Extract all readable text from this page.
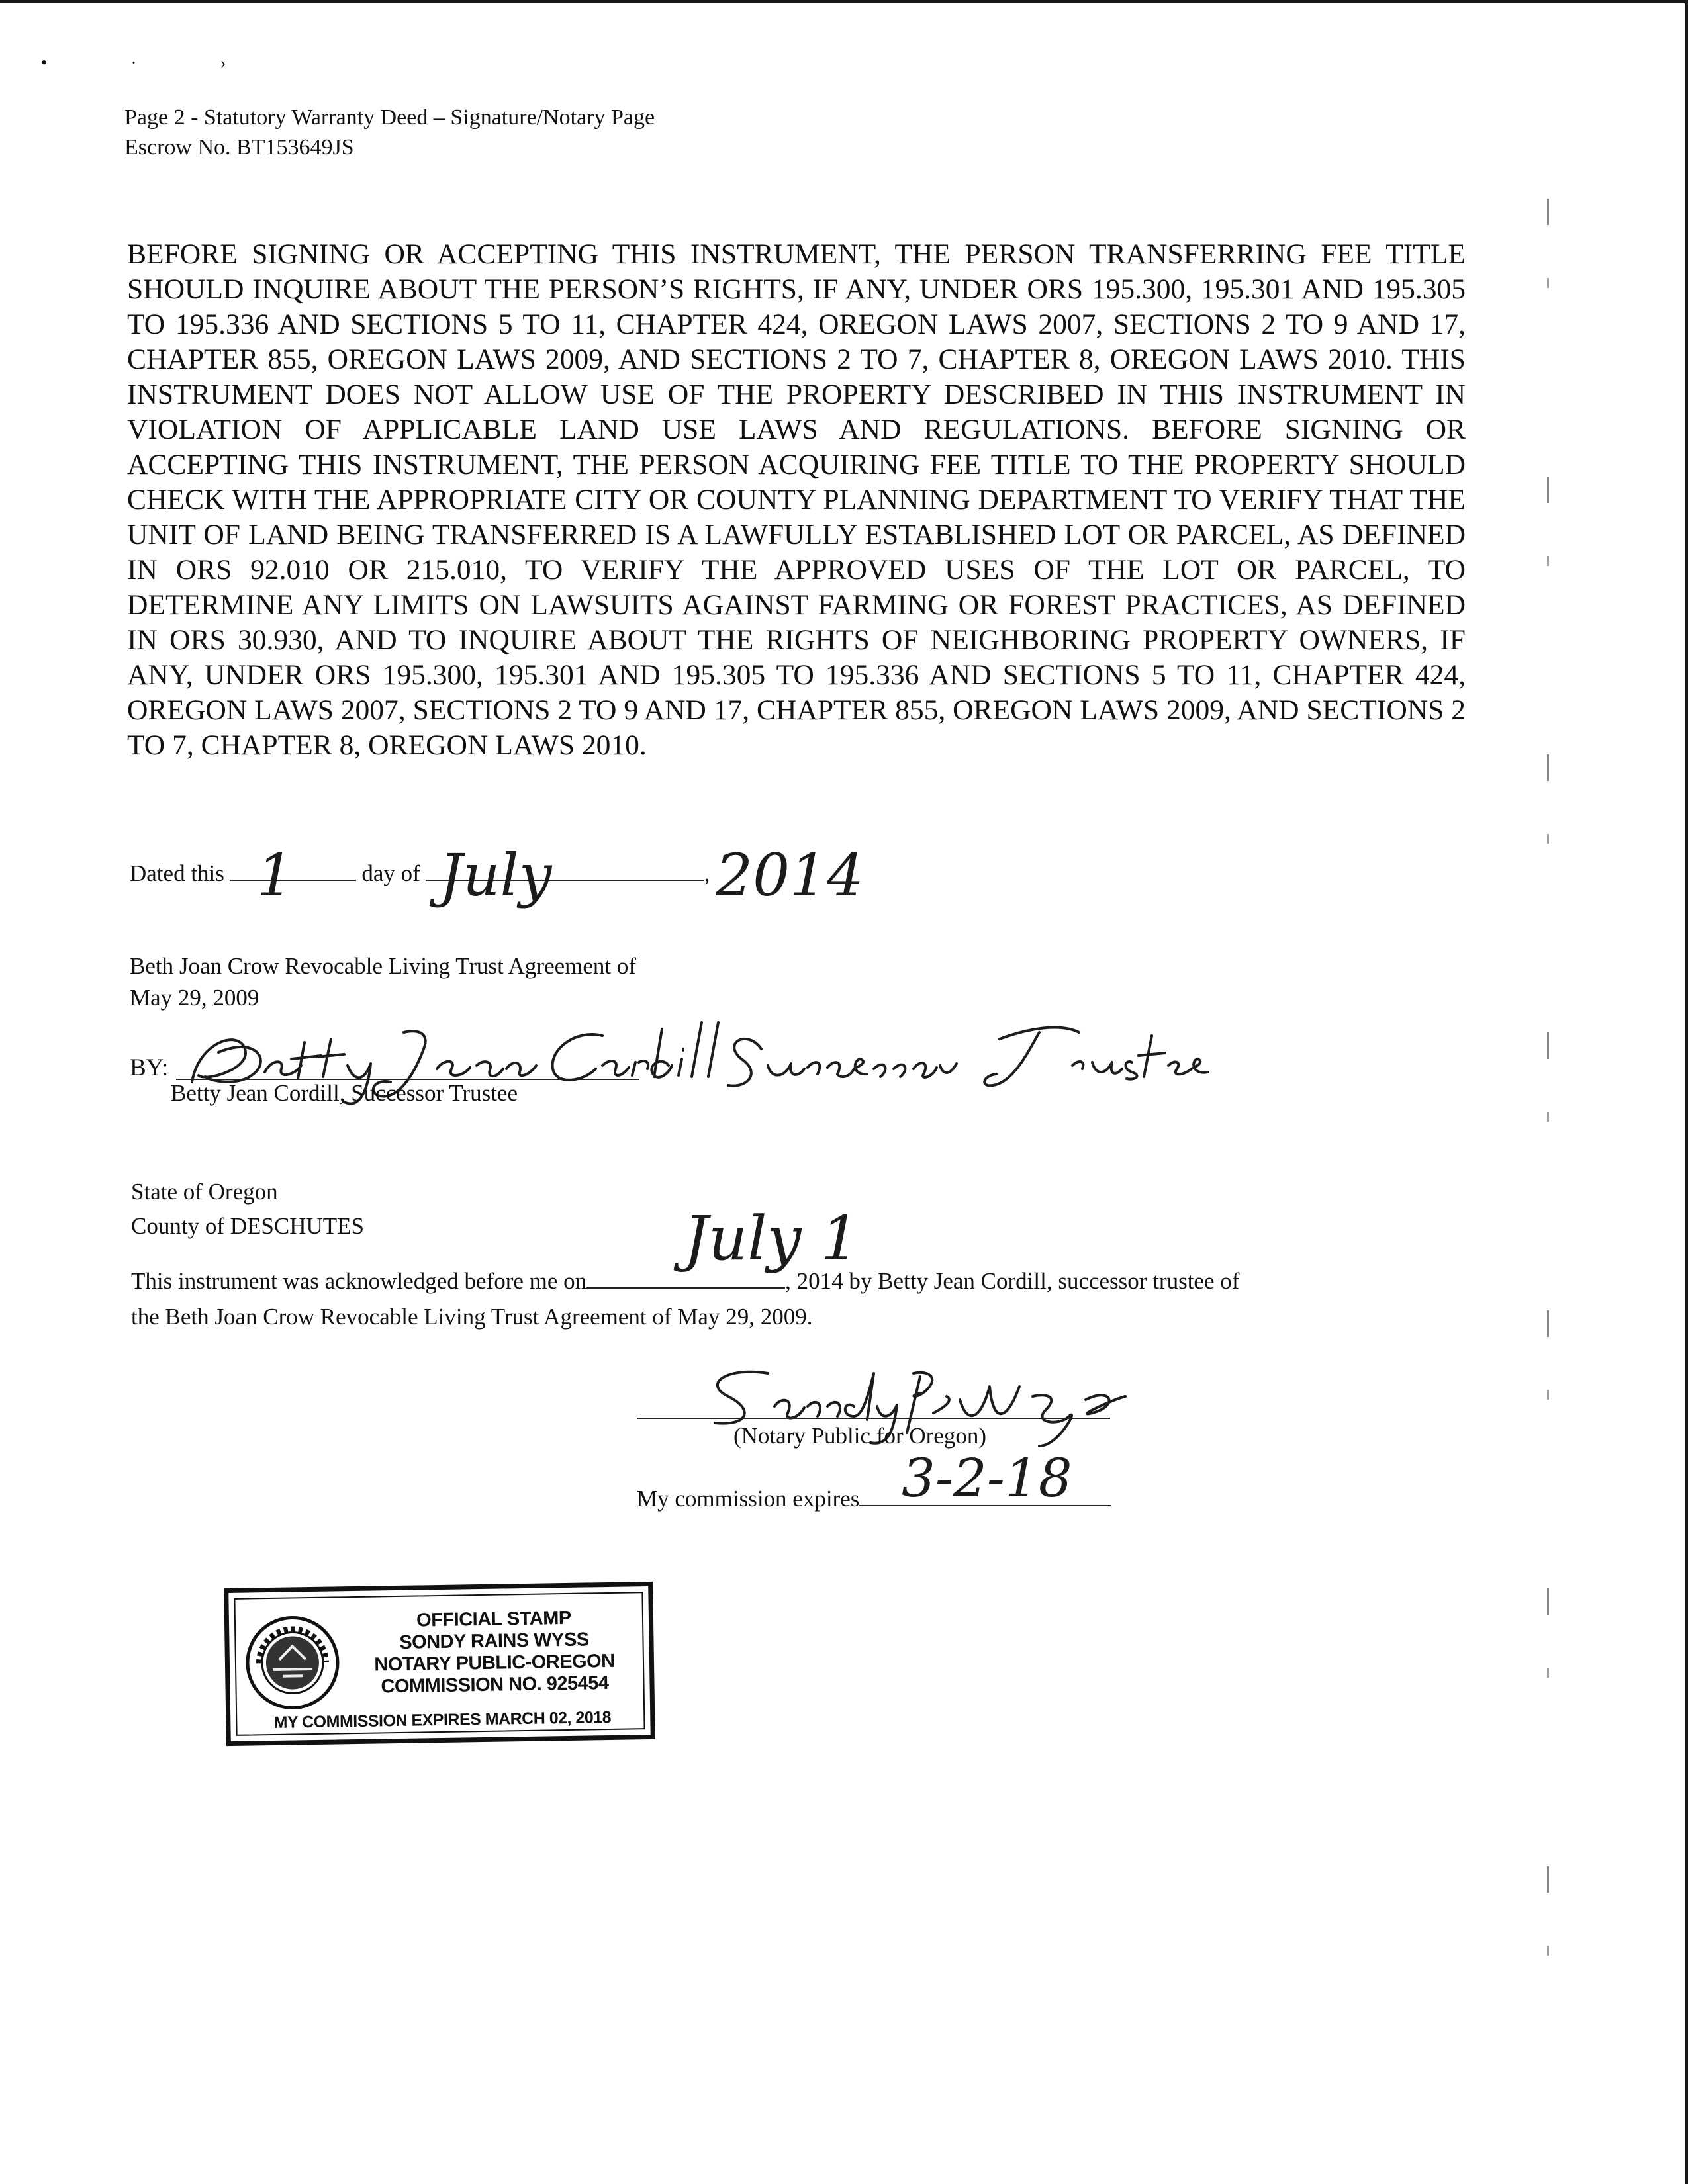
• · ›
Page 2 - Statutory Warranty Deed – Signature/Notary Page
Escrow No. BT153649JS
BEFORE SIGNING OR ACCEPTING THIS INSTRUMENT, THE PERSON TRANSFERRING FEE TITLE SHOULD INQUIRE ABOUT THE PERSON’S RIGHTS, IF ANY, UNDER ORS 195.300, 195.301 AND 195.305 TO 195.336 AND SECTIONS 5 TO 11, CHAPTER 424, OREGON LAWS 2007, SECTIONS 2 TO 9 AND 17, CHAPTER 855, OREGON LAWS 2009, AND SECTIONS 2 TO 7, CHAPTER 8, OREGON LAWS 2010. THIS INSTRUMENT DOES NOT ALLOW USE OF THE PROPERTY DESCRIBED IN THIS INSTRUMENT IN VIOLATION OF APPLICABLE LAND USE LAWS AND REGULATIONS. BEFORE SIGNING OR ACCEPTING THIS INSTRUMENT, THE PERSON ACQUIRING FEE TITLE TO THE PROPERTY SHOULD CHECK WITH THE APPROPRIATE CITY OR COUNTY PLANNING DEPARTMENT TO VERIFY THAT THE UNIT OF LAND BEING TRANSFERRED IS A LAWFULLY ESTABLISHED LOT OR PARCEL, AS DEFINED IN ORS 92.010 OR 215.010, TO VERIFY THE APPROVED USES OF THE LOT OR PARCEL, TO DETERMINE ANY LIMITS ON LAWSUITS AGAINST FARMING OR FOREST PRACTICES, AS DEFINED IN ORS 30.930, AND TO INQUIRE ABOUT THE RIGHTS OF NEIGHBORING PROPERTY OWNERS, IF ANY, UNDER ORS 195.300, 195.301 AND 195.305 TO 195.336 AND SECTIONS 5 TO 11, CHAPTER 424, OREGON LAWS 2007, SECTIONS 2 TO 9 AND 17, CHAPTER 855, OREGON LAWS 2009, AND SECTIONS 2 TO 7, CHAPTER 8, OREGON LAWS 2010.
Dated this 1	day of July	, 2014
Beth Joan Crow Revocable Living Trust Agreement of
May 29, 2009
BY:
Betty Jean Cordill, Successor Trustee
State of Oregon
County of DESCHUTES
This instrument was acknowledged before me on	, 2014 by Betty Jean Cordill, successor trustee of
the Beth Joan Crow Revocable Living Trust Agreement of May 29, 2009.
July 1
(Notary Public for Oregon)
My commission expires 3-2-18
OFFICIAL STAMP
SONDY RAINS WYSS
NOTARY PUBLIC-OREGON
COMMISSION NO. 925454
MY COMMISSION EXPIRES MARCH 02, 2018
